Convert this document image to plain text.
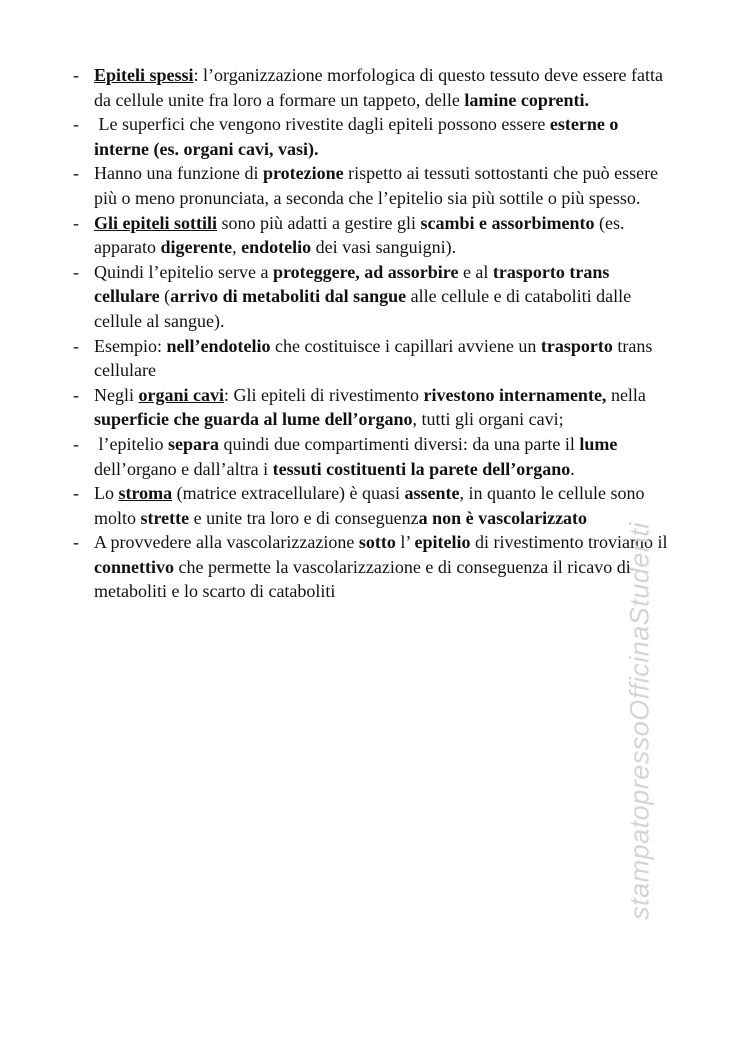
- Epiteli spessi: l’organizzazione morfologica di questo tessuto deve essere fatta da cellule unite fra loro a formare un tappeto, delle lamine coprenti.
- Le superfici che vengono rivestite dagli epiteli possono essere esterne o interne (es. organi cavi, vasi).
- Hanno una funzione di protezione rispetto ai tessuti sottostanti che può essere più o meno pronunciata, a seconda che l’epitelio sia più sottile o più spesso.
- Gli epiteli sottili sono più adatti a gestire gli scambi e assorbimento (es. apparato digerente, endotelio dei vasi sanguigni).
- Quindi l’epitelio serve a proteggere, ad assorbire e al trasporto trans cellulare (arrivo di metaboliti dal sangue alle cellule e di cataboliti dalle cellule al sangue).
- Esempio: nell’endotelio che costituisce i capillari avviene un trasporto trans cellulare
- Negli organi cavi: Gli epiteli di rivestimento rivestono internamente, nella superficie che guarda al lume dell’organo, tutti gli organi cavi;
- l’epitelio separa quindi due compartimenti diversi: da una parte il lume dell’organo e dall’altra i tessuti costituenti la parete dell’organo.
- Lo stroma (matrice extracellulare) è quasi assente, in quanto le cellule sono molto strette e unite tra loro e di conseguenza non è vascolarizzato
- A provvedere alla vascolarizzazione sotto l’ epitelio di rivestimento troviamo il connettivo che permette la vascolarizzazione e di conseguenza il ricavo di metaboliti e lo scarto di cataboliti	stampatopressoOfficinaStudenti
